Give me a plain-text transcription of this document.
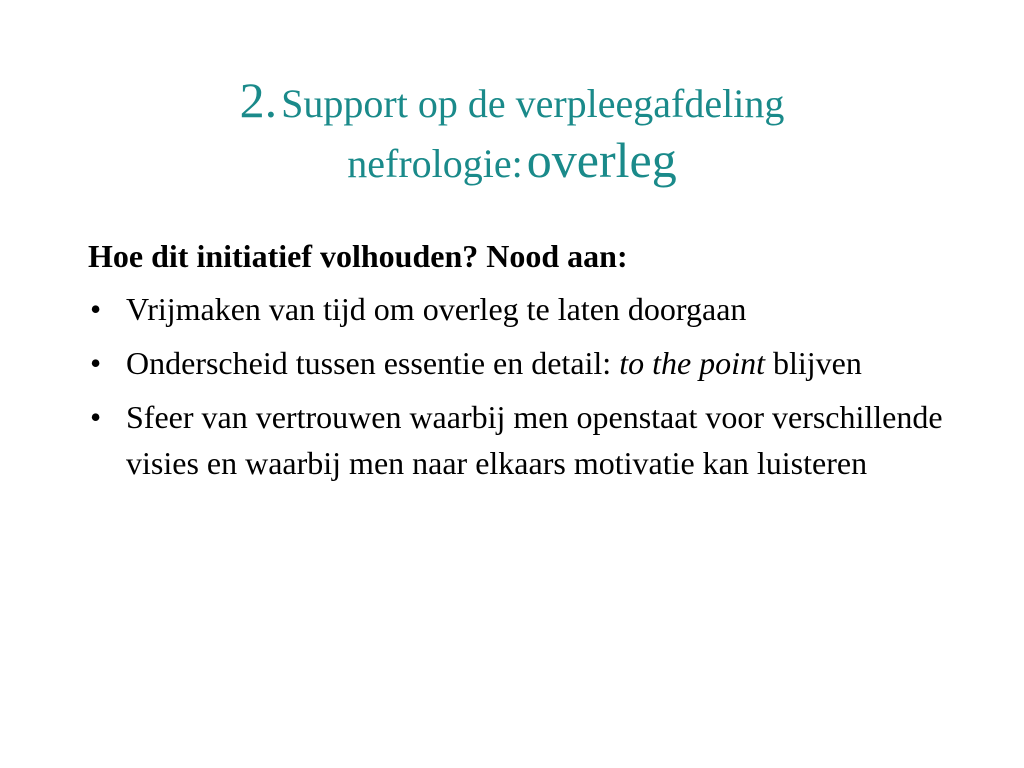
2. Support op de verpleegafdeling
nefrologie: overleg
Hoe dit initiatief volhouden? Nood aan:
• Vrijmaken van tijd om overleg te laten doorgaan
• Onderscheid tussen essentie en detail: to the point blijven
• Sfeer van vertrouwen waarbij men openstaat voor verschillende visies en waarbij men naar elkaars motivatie kan luisteren
